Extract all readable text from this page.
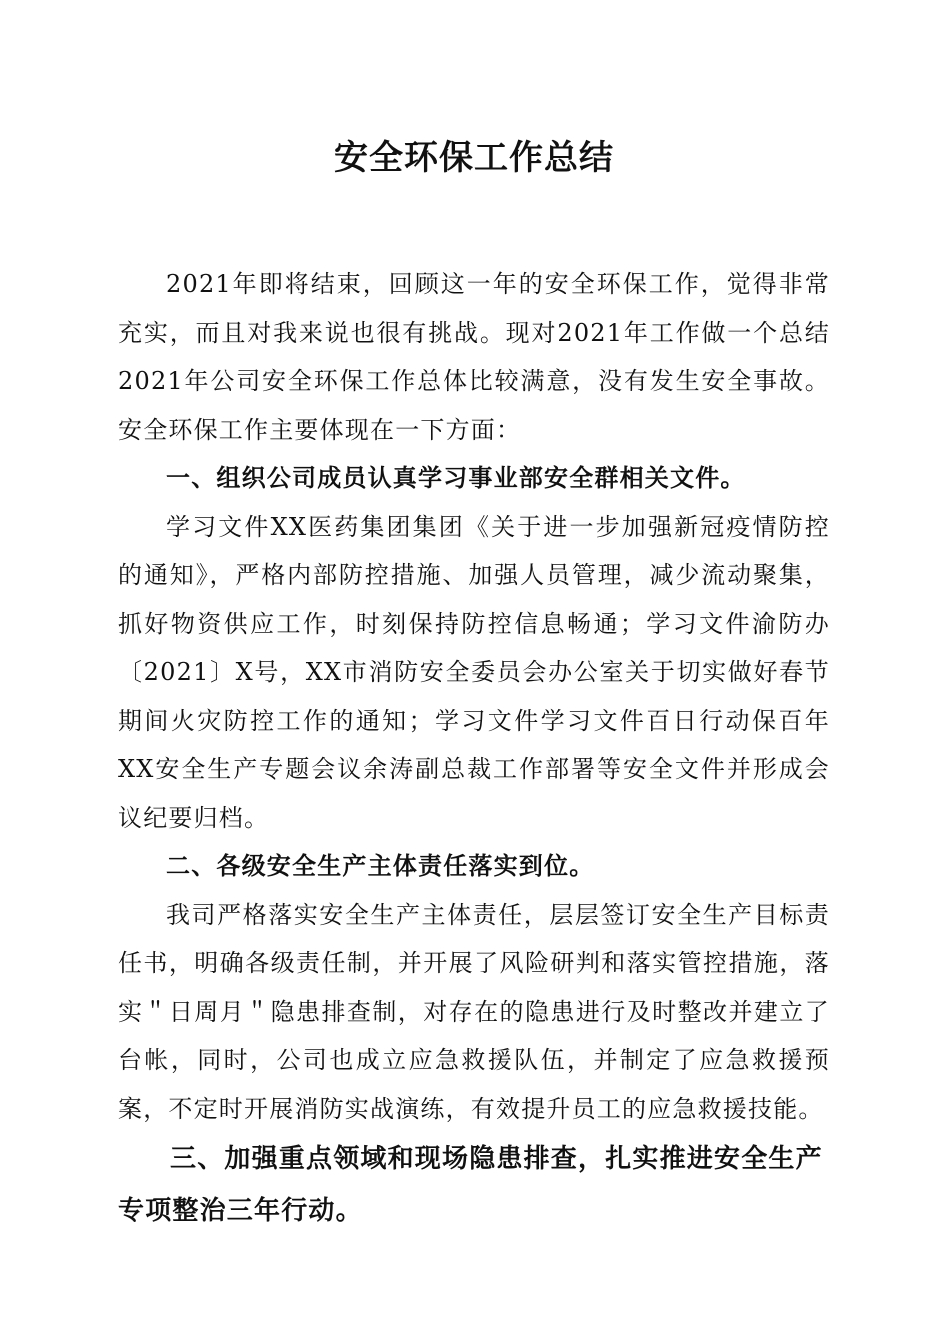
安全环保工作总结

2021年即将结束，回顾这一年的安全环保工作，觉得非常充实，而且对我来说也很有挑战。现对2021年工作做一个总结2021年公司安全环保工作总体比较满意，没有发生安全事故。安全环保工作主要体现在一下方面：

一、组织公司成员认真学习事业部安全群相关文件。

学习文件XX医药集团集团《关于进一步加强新冠疫情防控的通知》，严格内部防控措施、加强人员管理，减少流动聚集，抓好物资供应工作，时刻保持防控信息畅通；学习文件渝防办〔2021〕X号，XX市消防安全委员会办公室关于切实做好春节期间火灾防控工作的通知；学习文件学习文件百日行动保百年XX安全生产专题会议余涛副总裁工作部署等安全文件并形成会议纪要归档。

二、各级安全生产主体责任落实到位。

我司严格落实安全生产主体责任，层层签订安全生产目标责任书，明确各级责任制，并开展了风险研判和落实管控措施，落实＂日周月＂隐患排查制，对存在的隐患进行及时整改并建立了台帐，同时，公司也成立应急救援队伍，并制定了应急救援预案，不定时开展消防实战演练，有效提升员工的应急救援技能。

三、加强重点领域和现场隐患排查，扎实推进安全生产专项整治三年行动。
